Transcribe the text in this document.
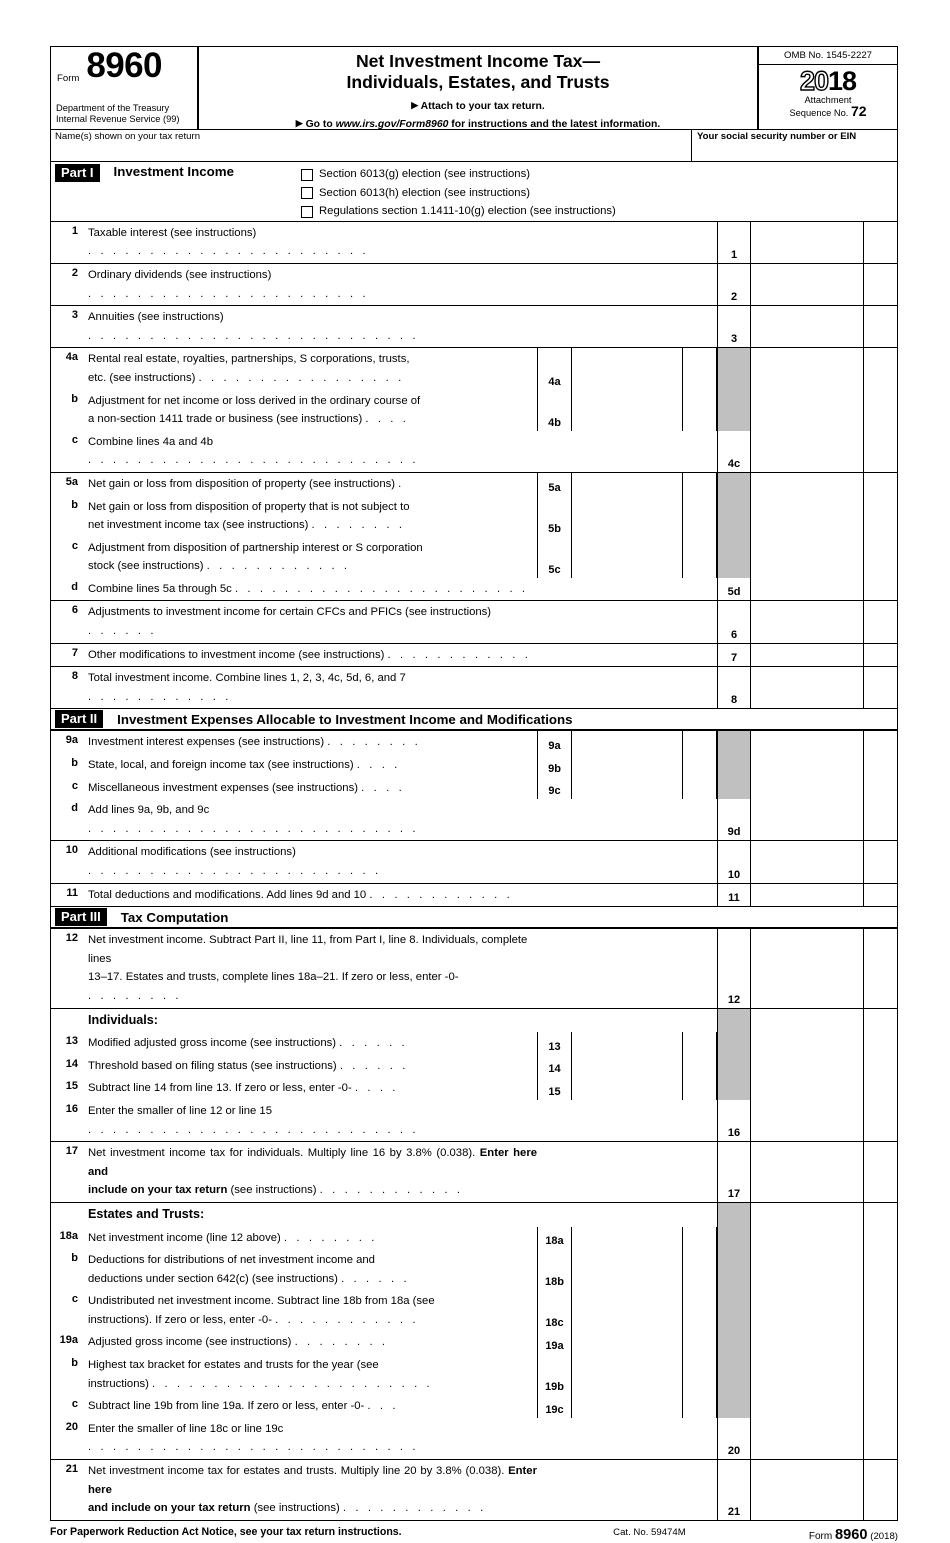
Form 8960
Department of the Treasury
Internal Revenue Service (99)
Net Investment Income Tax—
Individuals, Estates, and Trusts
▶ Attach to your tax return.
▶ Go to www.irs.gov/Form8960 for instructions and the latest information.
OMB No. 1545-2227
2018
Attachment
Sequence No. 72
Name(s) shown on your tax return	Your social security number or EIN
Part I	Investment Income	Section 6013(g) election (see instructions)
Section 6013(h) election (see instructions)
Regulations section 1.1411-10(g) election (see instructions)
1 Taxable interest (see instructions) . . . . . . . . . . . . . . . . . . . . . . .	1
2 Ordinary dividends (see instructions) . . . . . . . . . . . . . . . . . . . . . . .	2
3 Annuities (see instructions) . . . . . . . . . . . . . . . . . . . . . . . . . . .	3
4a Rental real estate, royalties, partnerships, S corporations, trusts,
etc. (see instructions) . . . . . . . . . . . . . . . . .	4a
b Adjustment for net income or loss derived in the ordinary course of
a non-section 1411 trade or business (see instructions) . . . .	4b
c Combine lines 4a and 4b . . . . . . . . . . . . . . . . . . . . . . . . . . .	4c
5a Net gain or loss from disposition of property (see instructions) .	5a
b Net gain or loss from disposition of property that is not subject to
net investment income tax (see instructions) . . . . . . . .	5b
c Adjustment from disposition of partnership interest or S corporation
stock (see instructions) . . . . . . . . . . . .	5c
d Combine lines 5a through 5c . . . . . . . . . . . . . . . . . . . . . . . .	5d
6 Adjustments to investment income for certain CFCs and PFICs (see instructions) . . . . . .	6
7 Other modifications to investment income (see instructions) . . . . . . . . . . . .	7
8 Total investment income. Combine lines 1, 2, 3, 4c, 5d, 6, and 7 . . . . . . . . . . . .	8
Part II	Investment Expenses Allocable to Investment Income and Modifications
9a Investment interest expenses (see instructions) . . . . . . . .	9a
b State, local, and foreign income tax (see instructions) . . . .	9b
c Miscellaneous investment expenses (see instructions) . . . .	9c
d Add lines 9a, 9b, and 9c . . . . . . . . . . . . . . . . . . . . . . . . . . .	9d
10 Additional modifications (see instructions) . . . . . . . . . . . . . . . . . . . . . . . .	10
11 Total deductions and modifications. Add lines 9d and 10 . . . . . . . . . . . .	11
Part III	Tax Computation
12 Net investment income. Subtract Part II, line 11, from Part I, line 8. Individuals, complete lines
13–17. Estates and trusts, complete lines 18a–21. If zero or less, enter -0- . . . . . . . .	12
Individuals:
13 Modified adjusted gross income (see instructions) . . . . . .	13
14 Threshold based on filing status (see instructions) . . . . . .	14
15 Subtract line 14 from line 13. If zero or less, enter -0- . . . .	15
16 Enter the smaller of line 12 or line 15 . . . . . . . . . . . . . . . . . . . . . . . . . . .	16
17 Net investment income tax for individuals. Multiply line 16 by 3.8% (0.038). Enter here and
include on your tax return (see instructions) . . . . . . . . . . . .	17
Estates and Trusts:
18a Net investment income (line 12 above) . . . . . . . .	18a
b Deductions for distributions of net investment income and
deductions under section 642(c) (see instructions) . . . . . .	18b
c Undistributed net investment income. Subtract line 18b from 18a (see
instructions). If zero or less, enter -0- . . . . . . . . . . . .	18c
19a Adjusted gross income (see instructions) . . . . . . . .	19a
b Highest tax bracket for estates and trusts for the year (see
instructions) . . . . . . . . . . . . . . . . . . . . . . .	19b
c Subtract line 19b from line 19a. If zero or less, enter -0- . . .	19c
20 Enter the smaller of line 18c or line 19c . . . . . . . . . . . . . . . . . . . . . . . . . . .	20
21 Net investment income tax for estates and trusts. Multiply line 20 by 3.8% (0.038). Enter here
and include on your tax return (see instructions) . . . . . . . . . . . .	21
For Paperwork Reduction Act Notice, see your tax return instructions.	Cat. No. 59474M	Form 8960 (2018)
